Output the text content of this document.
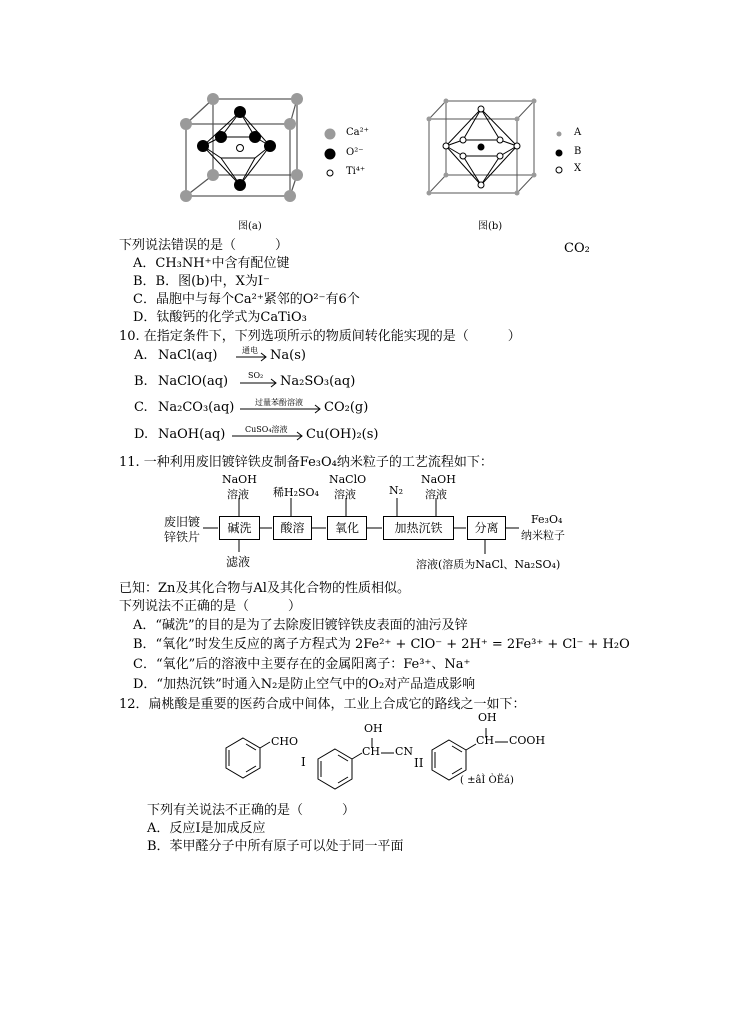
Ca²⁺
O²⁻
Ti⁴⁺
图(a)
A
B
X
图(b)
CO₂
下列说法错误的是（　　　）
A．CH₃NH⁺中含有配位键
B．B．图(b)中，X为I⁻
C．晶胞中与每个Ca²⁺紧邻的O²⁻有6个
D．钛酸钙的化学式为CaTiO₃
10. 在指定条件下，下列选项所示的物质间转化能实现的是（　　　）
A. NaCl(aq)	通电 Na(s)
B. NaClO(aq) SO₂ Na₂SO₃(aq)
C. Na₂CO₃(aq)	过量苯酚溶液 CO₂(g)
D. NaOH(aq) CuSO₄溶液 Cu(OH)₂(s)
11. 一种利用废旧镀锌铁皮制备Fe₃O₄纳米粒子的工艺流程如下：
NaOH
溶液 稀H₂SO₄
NaClO
溶液	N₂
NaOH
溶液
废旧镀
锌铁片
碱洗	酸溶	氧化	加热沉铁	分离
Fe₃O₄
纳米粒子
滤液	溶液(溶质为NaCl、Na₂SO₄)
已知：Zn及其化合物与Al及其化合物的性质相似。
下列说法不正确的是（　　　）
A．“碱洗”的目的是为了去除废旧镀锌铁皮表面的油污及锌
B．“氧化”时发生反应的离子方程式为 2Fe²⁺ + ClO⁻ + 2H⁺ = 2Fe³⁺ + Cl⁻ + H₂O
C．“氧化”后的溶液中主要存在的金属阳离子：Fe³⁺、Na⁺
D．“加热沉铁”时通入N₂是防止空气中的O₂对产品造成影响
12．扁桃酸是重要的医药合成中间体，工业上合成它的路线之一如下：
CHO
I
OH
CH CN
II
OH
CH COOH
( ±âÌ ÒËá)
下列有关说法不正确的是（　　　）
A．反应I是加成反应
B．苯甲醛分子中所有原子可以处于同一平面
